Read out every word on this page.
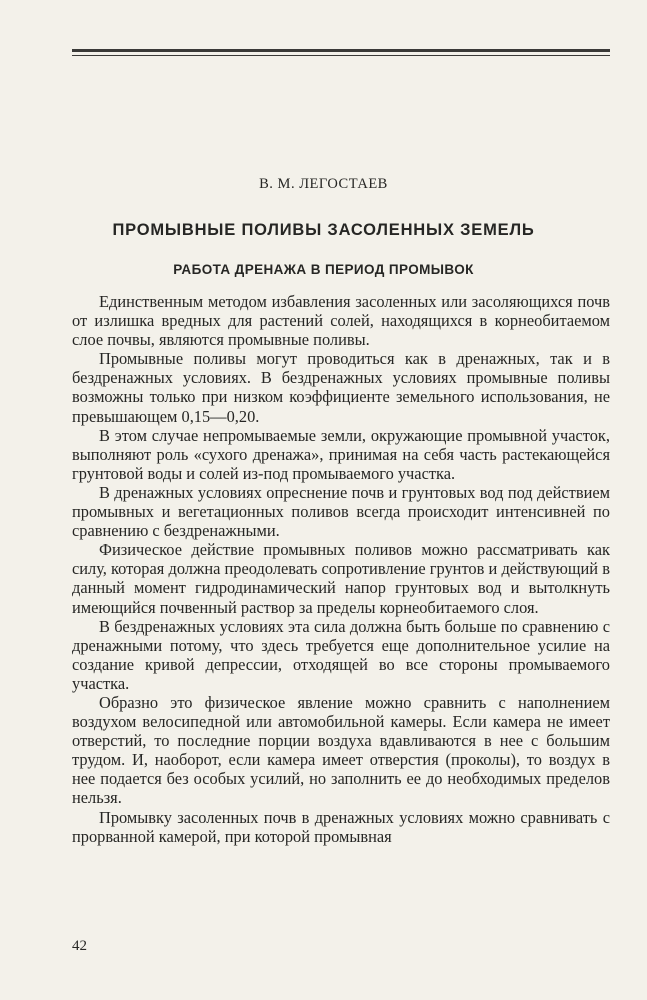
В. М. ЛЕГОСТАЕВ
ПРОМЫВНЫЕ ПОЛИВЫ ЗАСОЛЕННЫХ ЗЕМЕЛЬ
РАБОТА ДРЕНАЖА В ПЕРИОД ПРОМЫВОК

Единственным методом избавления засоленных или засоляющихся почв от излишка вредных для растений солей, находящихся в корнеобитаемом слое почвы, являются промывные поливы.

Промывные поливы могут проводиться как в дренажных, так и в бездренажных условиях. В бездренажных условиях промывные поливы возможны только при низком коэффициенте земельного использования, не превышающем 0,15—0,20.

В этом случае непромываемые земли, окружающие промывной участок, выполняют роль «сухого дренажа», принимая на себя часть растекающейся грунтовой воды и солей из-под промываемого участка.

В дренажных условиях опреснение почв и грунтовых вод под действием промывных и вегетационных поливов всегда происходит интенсивней по сравнению с бездренажными.

Физическое действие промывных поливов можно рассматривать как силу, которая должна преодолевать сопротивление грунтов и действующий в данный момент гидродинамический напор грунтовых вод и вытолкнуть имеющийся почвенный раствор за пределы корнеобитаемого слоя.

В бездренажных условиях эта сила должна быть больше по сравнению с дренажными потому, что здесь требуется еще дополнительное усилие на создание кривой депрессии, отходящей во все стороны промываемого участка.

Образно это физическое явление можно сравнить с наполнением воздухом велосипедной или автомобильной камеры. Если камера не имеет отверстий, то последние порции воздуха вдавливаются в нее с большим трудом. И, наоборот, если камера имеет отверстия (проколы), то воздух в нее подается без особых усилий, но заполнить ее до необходимых пределов нельзя.

Промывку засоленных почв в дренажных условиях можно сравнивать с прорванной камерой, при которой промывная

42
